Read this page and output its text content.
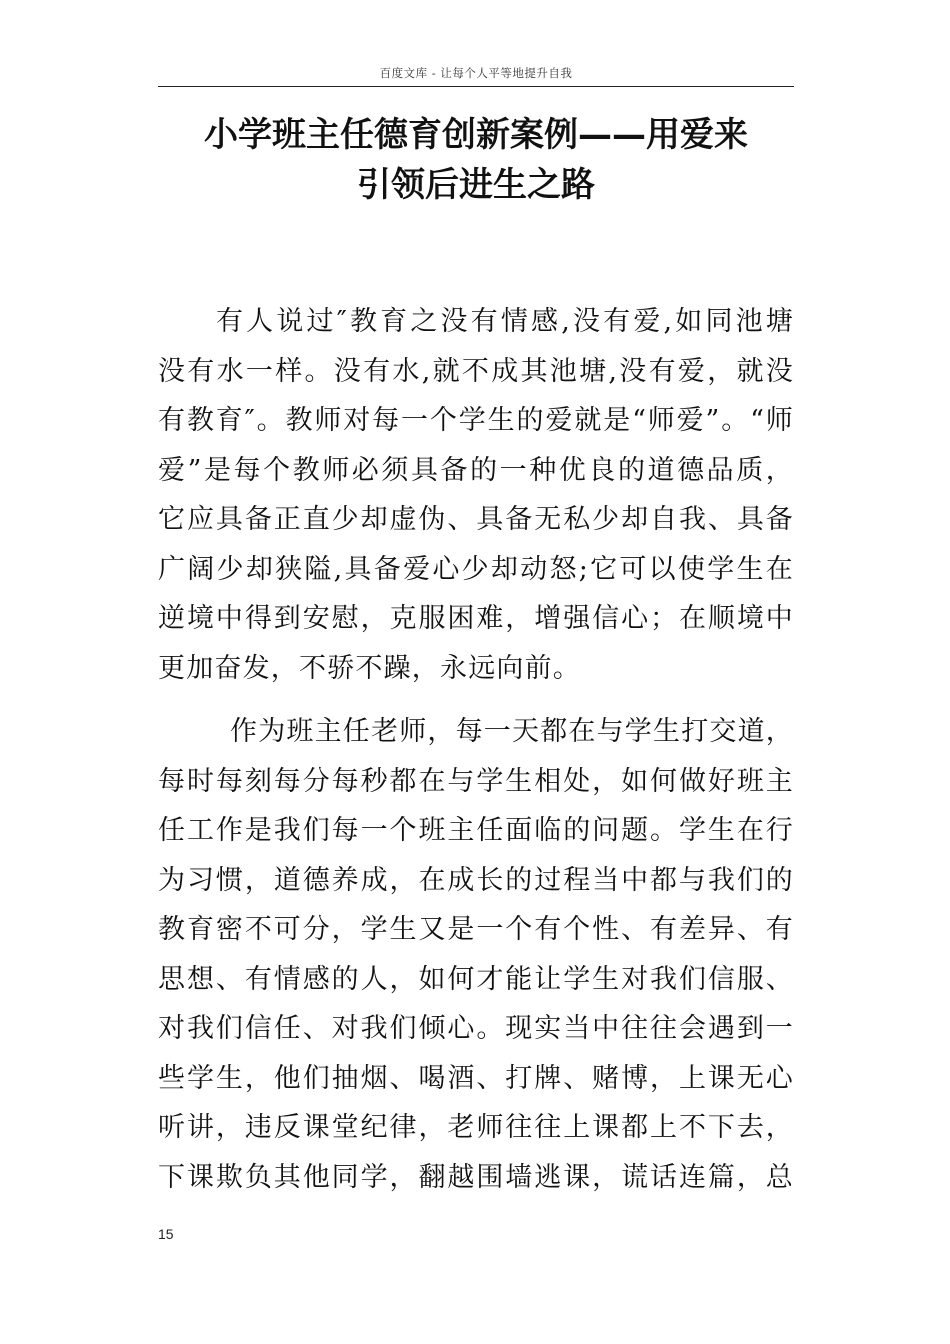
百度文库 - 让每个人平等地提升自我
小学班主任德育创新案例——用爱来
引领后进生之路

有人说过″教育之没有情感,没有爱,如同池塘
没有水一样。没有水,就不成其池塘,没有爱，就没
有教育″。教师对每一个学生的爱就是“师爱”。“师
爱”是每个教师必须具备的一种优良的道德品质，
它应具备正直少却虚伪、具备无私少却自我、具备
广阔少却狭隘,具备爱心少却动怒;它可以使学生在
逆境中得到安慰，克服困难，增强信心；在顺境中
更加奋发，不骄不躁，永远向前。

作为班主任老师，每一天都在与学生打交道，
每时每刻每分每秒都在与学生相处，如何做好班主
任工作是我们每一个班主任面临的问题。学生在行
为习惯，道德养成，在成长的过程当中都与我们的
教育密不可分，学生又是一个有个性、有差异、有
思想、有情感的人，如何才能让学生对我们信服、
对我们信任、对我们倾心。现实当中往往会遇到一
些学生，他们抽烟、喝酒、打牌、赌博，上课无心
听讲，违反课堂纪律，老师往往上课都上不下去，
下课欺负其他同学，翻越围墙逃课，谎话连篇，总

15
